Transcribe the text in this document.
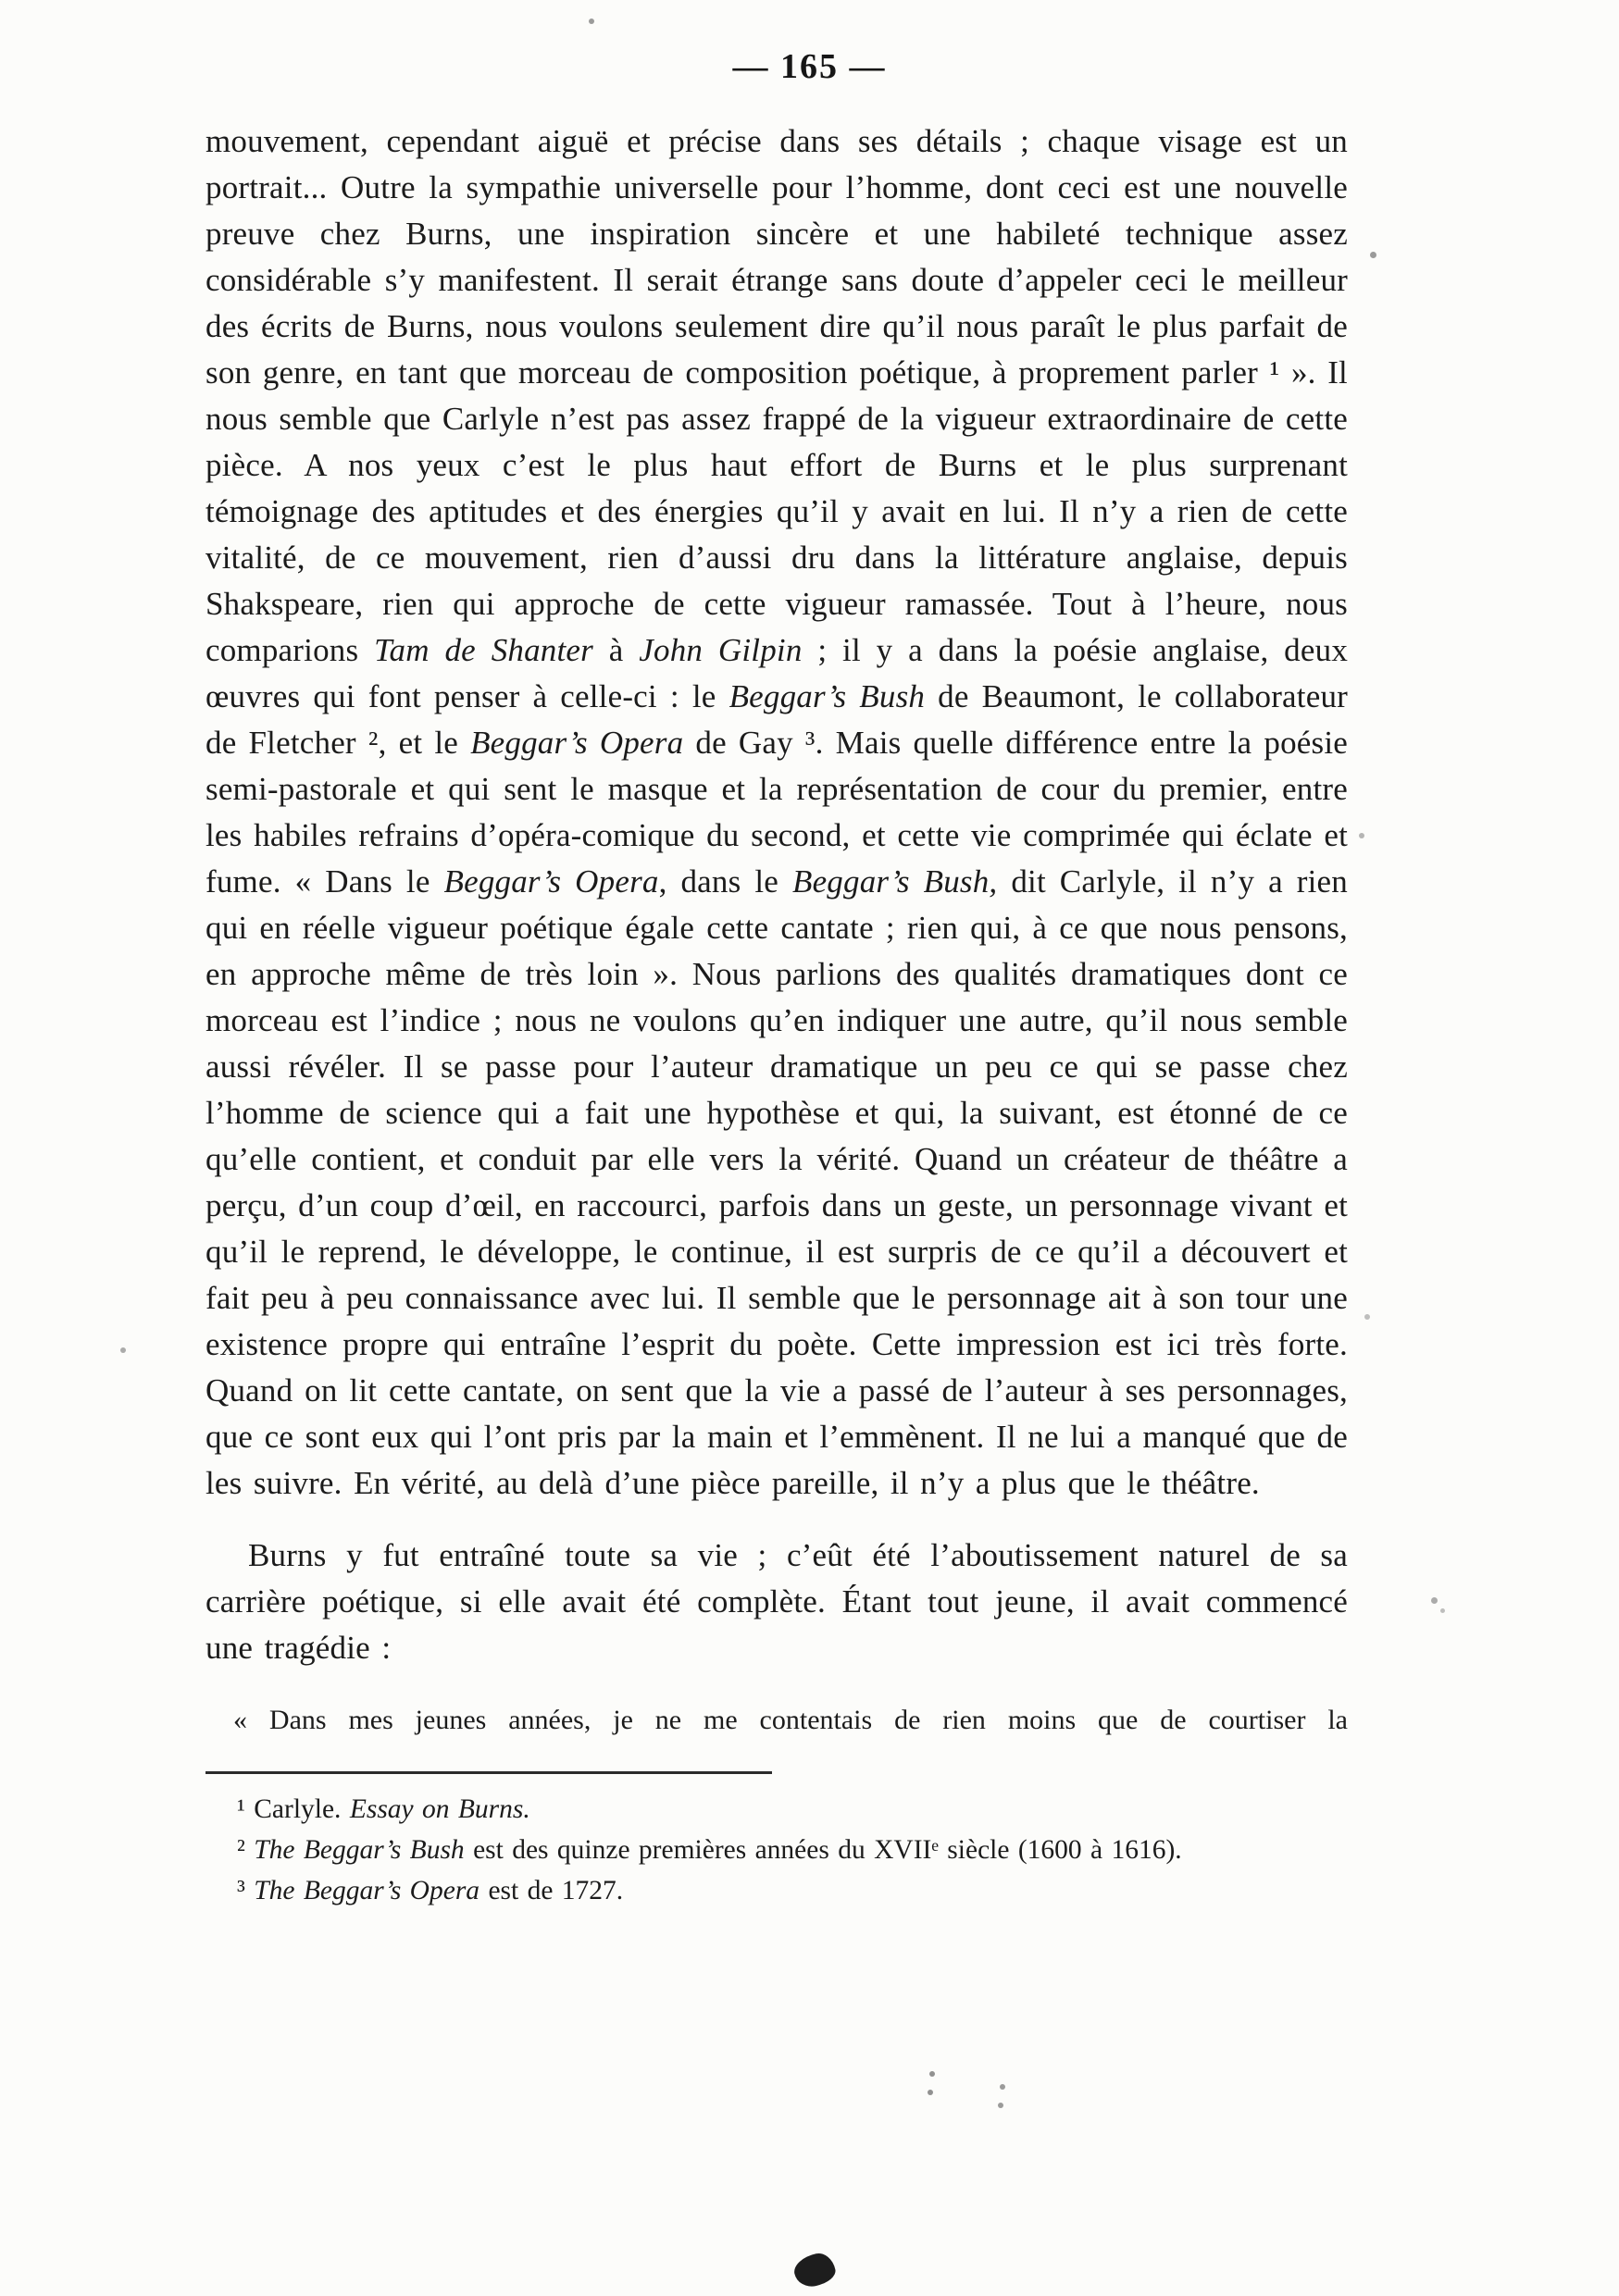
— 165 —

mouvement, cependant aiguë et précise dans ses détails ; chaque visage est un portrait... Outre la sympathie universelle pour l’homme, dont ceci est une nouvelle preuve chez Burns, une inspiration sincère et une habileté technique assez considérable s’y manifestent. Il serait étrange sans doute d’appeler ceci le meilleur des écrits de Burns, nous voulons seulement dire qu’il nous paraît le plus parfait de son genre, en tant que morceau de composition poétique, à proprement parler ¹ ». Il nous semble que Carlyle n’est pas assez frappé de la vigueur extraordinaire de cette pièce. A nos yeux c’est le plus haut effort de Burns et le plus surprenant témoignage des aptitudes et des énergies qu’il y avait en lui. Il n’y a rien de cette vitalité, de ce mouvement, rien d’aussi dru dans la littérature anglaise, depuis Shakspeare, rien qui approche de cette vigueur ramassée. Tout à l’heure, nous comparions Tam de Shanter à John Gilpin ; il y a dans la poésie anglaise, deux œuvres qui font penser à celle-ci : le Beggar’s Bush de Beaumont, le collaborateur de Fletcher ², et le Beggar’s Opera de Gay ³. Mais quelle différence entre la poésie semi-pastorale et qui sent le masque et la représentation de cour du premier, entre les habiles refrains d’opéra-comique du second, et cette vie comprimée qui éclate et fume. « Dans le Beggar’s Opera, dans le Beggar’s Bush, dit Carlyle, il n’y a rien qui en réelle vigueur poétique égale cette cantate ; rien qui, à ce que nous pensons, en approche même de très loin ». Nous parlions des qualités dramatiques dont ce morceau est l’indice ; nous ne voulons qu’en indiquer une autre, qu’il nous semble aussi révéler. Il se passe pour l’auteur dramatique un peu ce qui se passe chez l’homme de science qui a fait une hypothèse et qui, la suivant, est étonné de ce qu’elle contient, et conduit par elle vers la vérité. Quand un créateur de théâtre a perçu, d’un coup d’œil, en raccourci, parfois dans un geste, un personnage vivant et qu’il le reprend, le développe, le continue, il est surpris de ce qu’il a découvert et fait peu à peu connaissance avec lui. Il semble que le personnage ait à son tour une existence propre qui entraîne l’esprit du poète. Cette impression est ici très forte. Quand on lit cette cantate, on sent que la vie a passé de l’auteur à ses personnages, que ce sont eux qui l’ont pris par la main et l’emmènent. Il ne lui a manqué que de les suivre. En vérité, au delà d’une pièce pareille, il n’y a plus que le théâtre.

Burns y fut entraîné toute sa vie ; c’eût été l’aboutissement naturel de sa carrière poétique, si elle avait été complète. Étant tout jeune, il avait commencé une tragédie :

« Dans mes jeunes années, je ne me contentais de rien moins que de courtiser la

¹ Carlyle. Essay on Burns.

² The Beggar’s Bush est des quinze premières années du XVIIᵉ siècle (1600 à 1616).

³ The Beggar’s Opera est de 1727.
